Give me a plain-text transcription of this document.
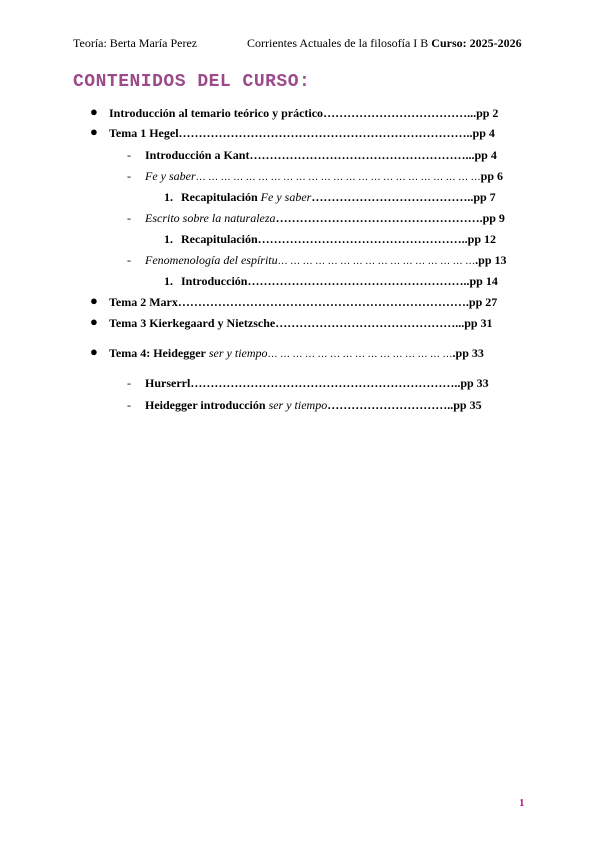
Teoría: Berta María Perez	Corrientes Actuales de la filosofía I B Curso: 2025-2026
CONTENIDOS DEL CURSO:
● Introducción al temario teórico y práctico………………………………...pp 2
● Tema 1 Hegel………………………………………………………………..pp 4
- Introducción a Kant………………………………………………...pp 4
- Fe y saber… … … … … … … … … … … … … … … … … … … … … … …pp 6
1. Recapitulación Fe y saber…………………………………..pp 7
- Escrito sobre la naturaleza…………………………………………….pp 9
1. Recapitulación……………………………………………..pp 12
- Fenomenología del espíritu… … … … … … … … … … … … … … … ….pp 13
1. Introducción………………………………………………..pp 14
● Tema 2 Marx……………………………………………………………….pp 27
● Tema 3 Kierkegaard y Nietzsche………………………………………...pp 31
● Tema 4: Heidegger ser y tiempo… … … … … … … … … … … … … … ….pp 33
- Hurserrl…………………………………………………………..pp 33
- Heidegger introducción ser y tiempo…………………………..pp 35
1
